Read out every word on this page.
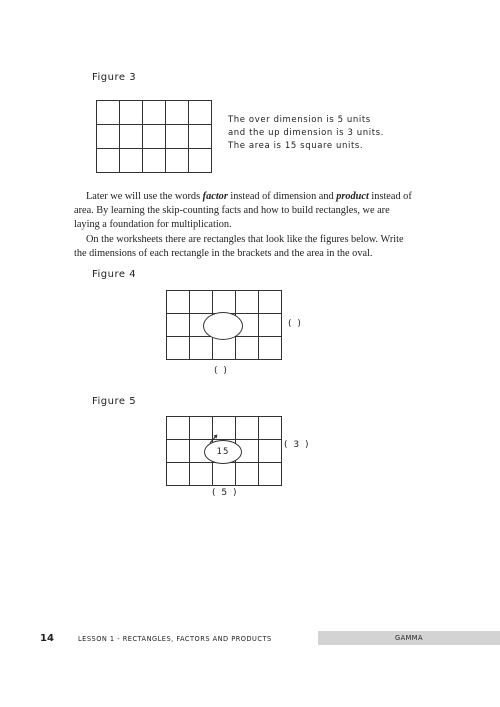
Figure 3
The over dimension is 5 units
and the up dimension is 3 units.
The area is 15 square units.

Later we will use the words factor instead of dimension and product instead of area. By learning the skip-counting facts and how to build rectangles, we are laying a foundation for multiplication.

On the worksheets there are rectangles that look like the figures below. Write the dimensions of each rectangle in the brackets and the area in the oval.

Figure 4
( )
( )
Figure 5
15
( 3 )
( 5 )
14	LESSON 1 - RECTANGLES, FACTORS AND PRODUCTS	GAMMA
